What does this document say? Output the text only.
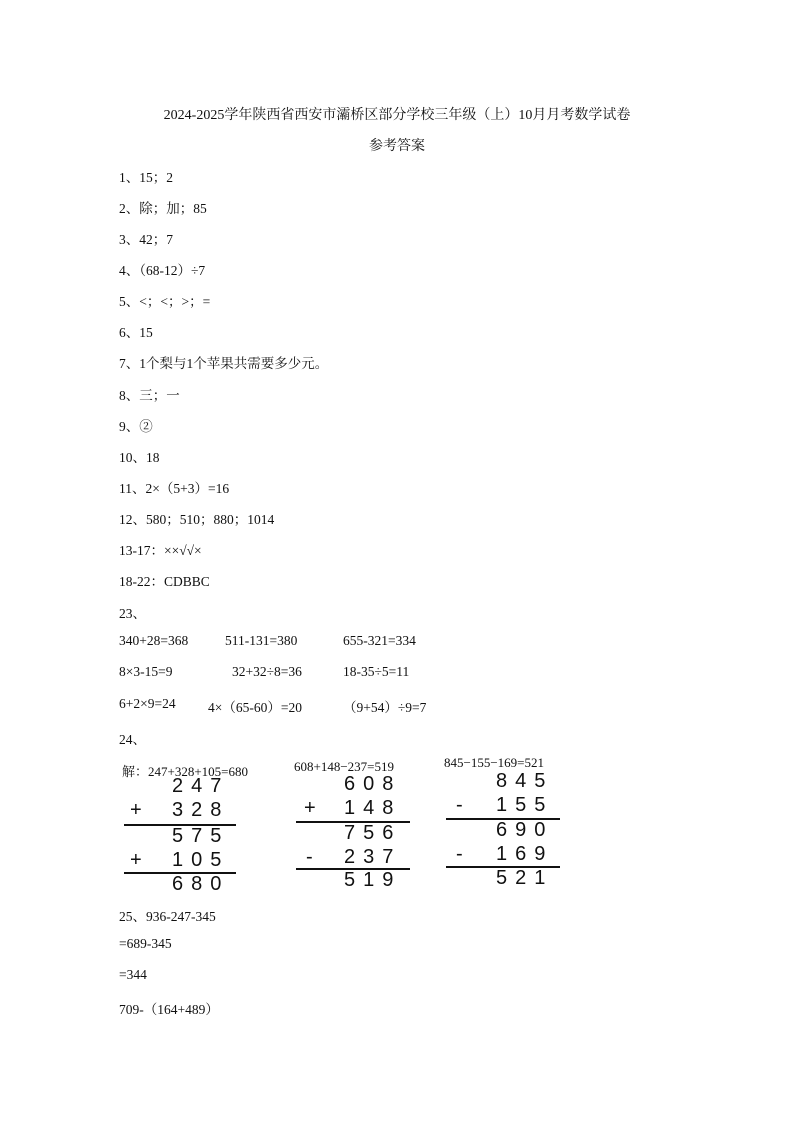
2024-2025学年陕西省西安市灞桥区部分学校三年级（上）10月月考数学试卷
参考答案
1、15；2
2、除；加；85
3、42；7
4、（68-12）÷7
5、<；<；>；=
6、15
7、1个梨与1个苹果共需要多少元。
8、三；一
9、②
10、18
11、2×（5+3）=16
12、580；510；880；1014
13-17：××√√×
18-22：CDBBC
23、
340+28=368	511-131=380	655-321=334
8×3-15=9	32+32÷8=36	18-35÷5=11
6+2×9=24 4×（65-60）=20	（9+54）÷9=7
24、
解：247+328+105=680
247
+ 328
575
+ 105
680
608+148−237=519
608
+ 148
756
- 237
519
845−155−169=521
845
- 155
690
- 169
521
25、936-247-345
=689-345
=344
709-（164+489）
